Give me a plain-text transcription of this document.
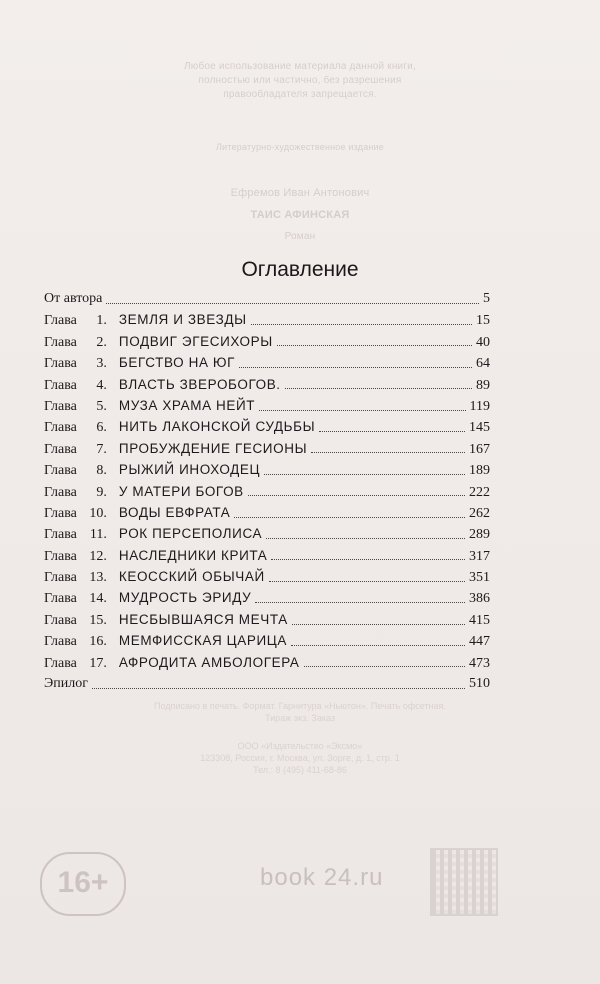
Любое использование материала данной книги,
полностью или частично, без разрешения
правообладателя запрещается.
Литературно-художественное издание
Ефремов Иван Антонович
ТАИС АФИНСКАЯ
Роман
Оглавление
От автора	5
Глава	1. ЗЕМЛЯ И ЗВЕЗДЫ	15
Глава	2. ПОДВИГ ЭГЕСИХОРЫ	40
Глава	3. БЕГСТВО НА ЮГ	64
Глава	4. ВЛАСТЬ ЗВЕРОБОГОВ.	89
Глава	5. МУЗА ХРАМА НЕЙТ	119
Глава	6. НИТЬ ЛАКОНСКОЙ СУДЬБЫ	145
Глава	7. ПРОБУЖДЕНИЕ ГЕСИОНЫ	167
Глава	8. РЫЖИЙ ИНОХОДЕЦ	189
Глава	9. У МАТЕРИ БОГОВ	222
Глава 10. ВОДЫ ЕВФРАТА	262
Глава 11. РОК ПЕРСЕПОЛИСА	289
Глава 12. НАСЛЕДНИКИ КРИТА	317
Глава 13. КЕОССКИЙ ОБЫЧАЙ	351
Глава 14. МУДРОСТЬ ЭРИДУ	386
Глава 15. НЕСБЫВШАЯСЯ МЕЧТА	415
Глава 16. МЕМФИССКАЯ ЦАРИЦА	447
Глава 17. АФРОДИТА АМБОЛОГЕРА	473
Эпилог	510
Подписано в печать. Формат. Гарнитура «Ньютон». Печать офсетная.
Тираж экз. Заказ
ООО «Издательство «Эксмо»
123308, Россия, г. Москва, ул. Зорге, д. 1, стр. 1
Тел.: 8 (495) 411-68-86
16+	book 24.ru
